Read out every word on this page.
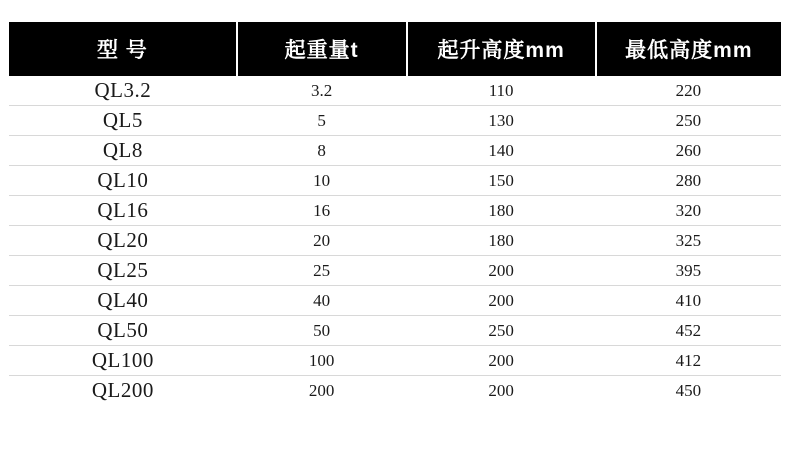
型 号	起重量t	起升高度mm	最低高度mm
QL3.2	3.2	110	220
QL5	5	130	250
QL8	8	140	260
QL10	10	150	280
QL16	16	180	320
QL20	20	180	325
QL25	25	200	395
QL40	40	200	410
QL50	50	250	452
QL100	100	200	412
QL200	200	200	450
